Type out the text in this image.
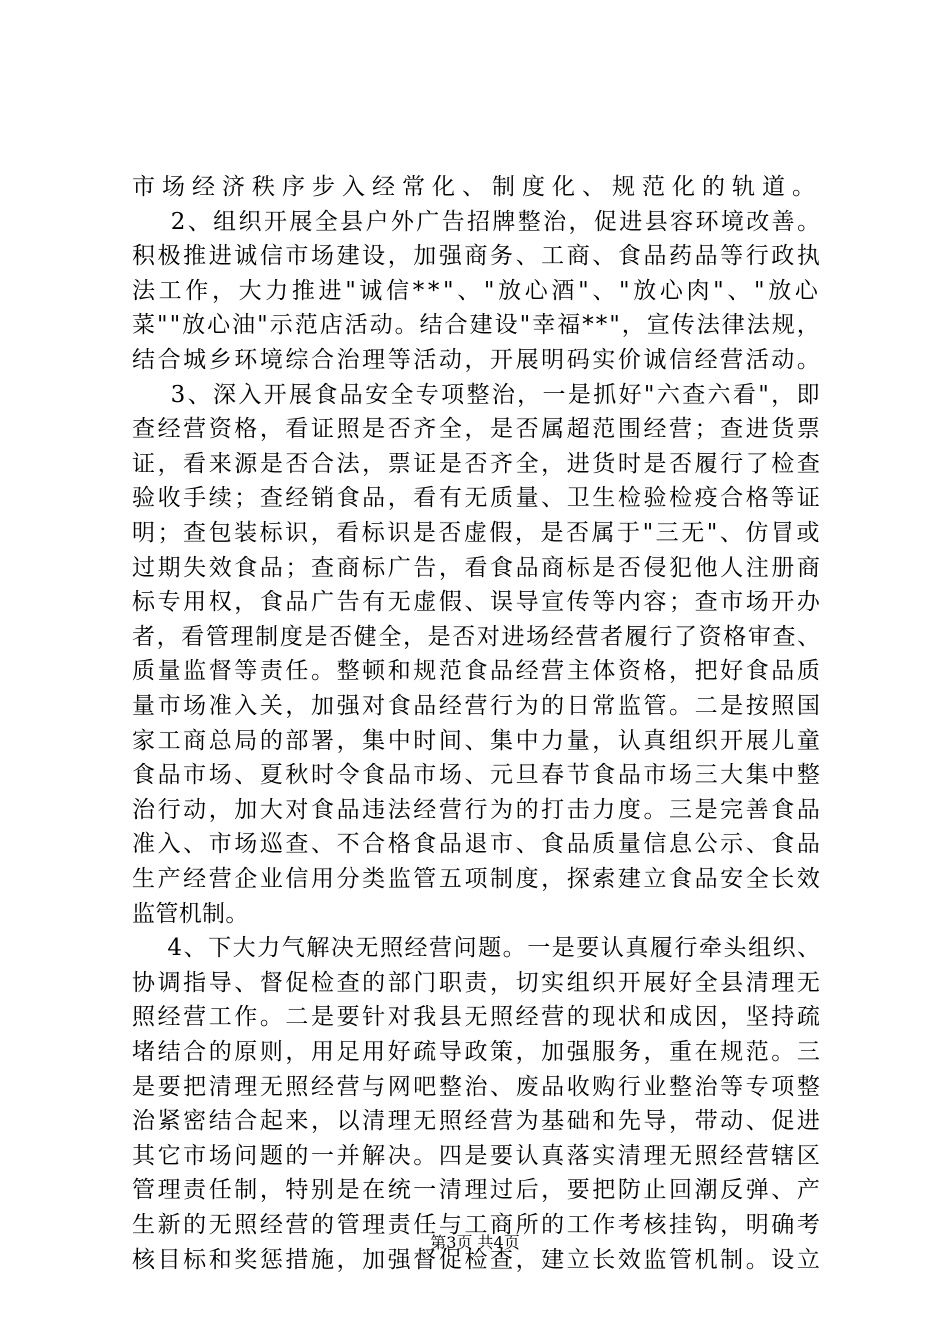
市场经济秩序步入经常化、制度化、规范化的轨道。
2、组织开展全县户外广告招牌整治，促进县容环境改善。
积极推进诚信市场建设，加强商务、工商、食品药品等行政执
法工作，大力推进"诚信**"、"放心酒"、"放心肉"、"放心
菜""放心油"示范店活动。结合建设"幸福**"，宣传法律法规，
结合城乡环境综合治理等活动，开展明码实价诚信经营活动。
3、深入开展食品安全专项整治，一是抓好"六查六看"，即
查经营资格，看证照是否齐全，是否属超范围经营；查进货票
证，看来源是否合法，票证是否齐全，进货时是否履行了检查
验收手续；查经销食品，看有无质量、卫生检验检疫合格等证
明；查包装标识，看标识是否虚假，是否属于"三无"、仿冒或
过期失效食品；查商标广告，看食品商标是否侵犯他人注册商
标专用权，食品广告有无虚假、误导宣传等内容；查市场开办
者，看管理制度是否健全，是否对进场经营者履行了资格审查、
质量监督等责任。整顿和规范食品经营主体资格，把好食品质
量市场准入关，加强对食品经营行为的日常监管。二是按照国
家工商总局的部署，集中时间、集中力量，认真组织开展儿童
食品市场、夏秋时令食品市场、元旦春节食品市场三大集中整
治行动，加大对食品违法经营行为的打击力度。三是完善食品
准入、市场巡查、不合格食品退市、食品质量信息公示、食品
生产经营企业信用分类监管五项制度，探索建立食品安全长效
监管机制。
4、下大力气解决无照经营问题。一是要认真履行牵头组织、
协调指导、督促检查的部门职责，切实组织开展好全县清理无
照经营工作。二是要针对我县无照经营的现状和成因，坚持疏
堵结合的原则，用足用好疏导政策，加强服务，重在规范。三
是要把清理无照经营与网吧整治、废品收购行业整治等专项整
治紧密结合起来，以清理无照经营为基础和先导，带动、促进
其它市场问题的一并解决。四是要认真落实清理无照经营辖区
管理责任制，特别是在统一清理过后，要把防止回潮反弹、产
生新的无照经营的管理责任与工商所的工作考核挂钩，明确考
核目标和奖惩措施，加强督促检查，建立长效监管机制。设立
第3页 共4页
